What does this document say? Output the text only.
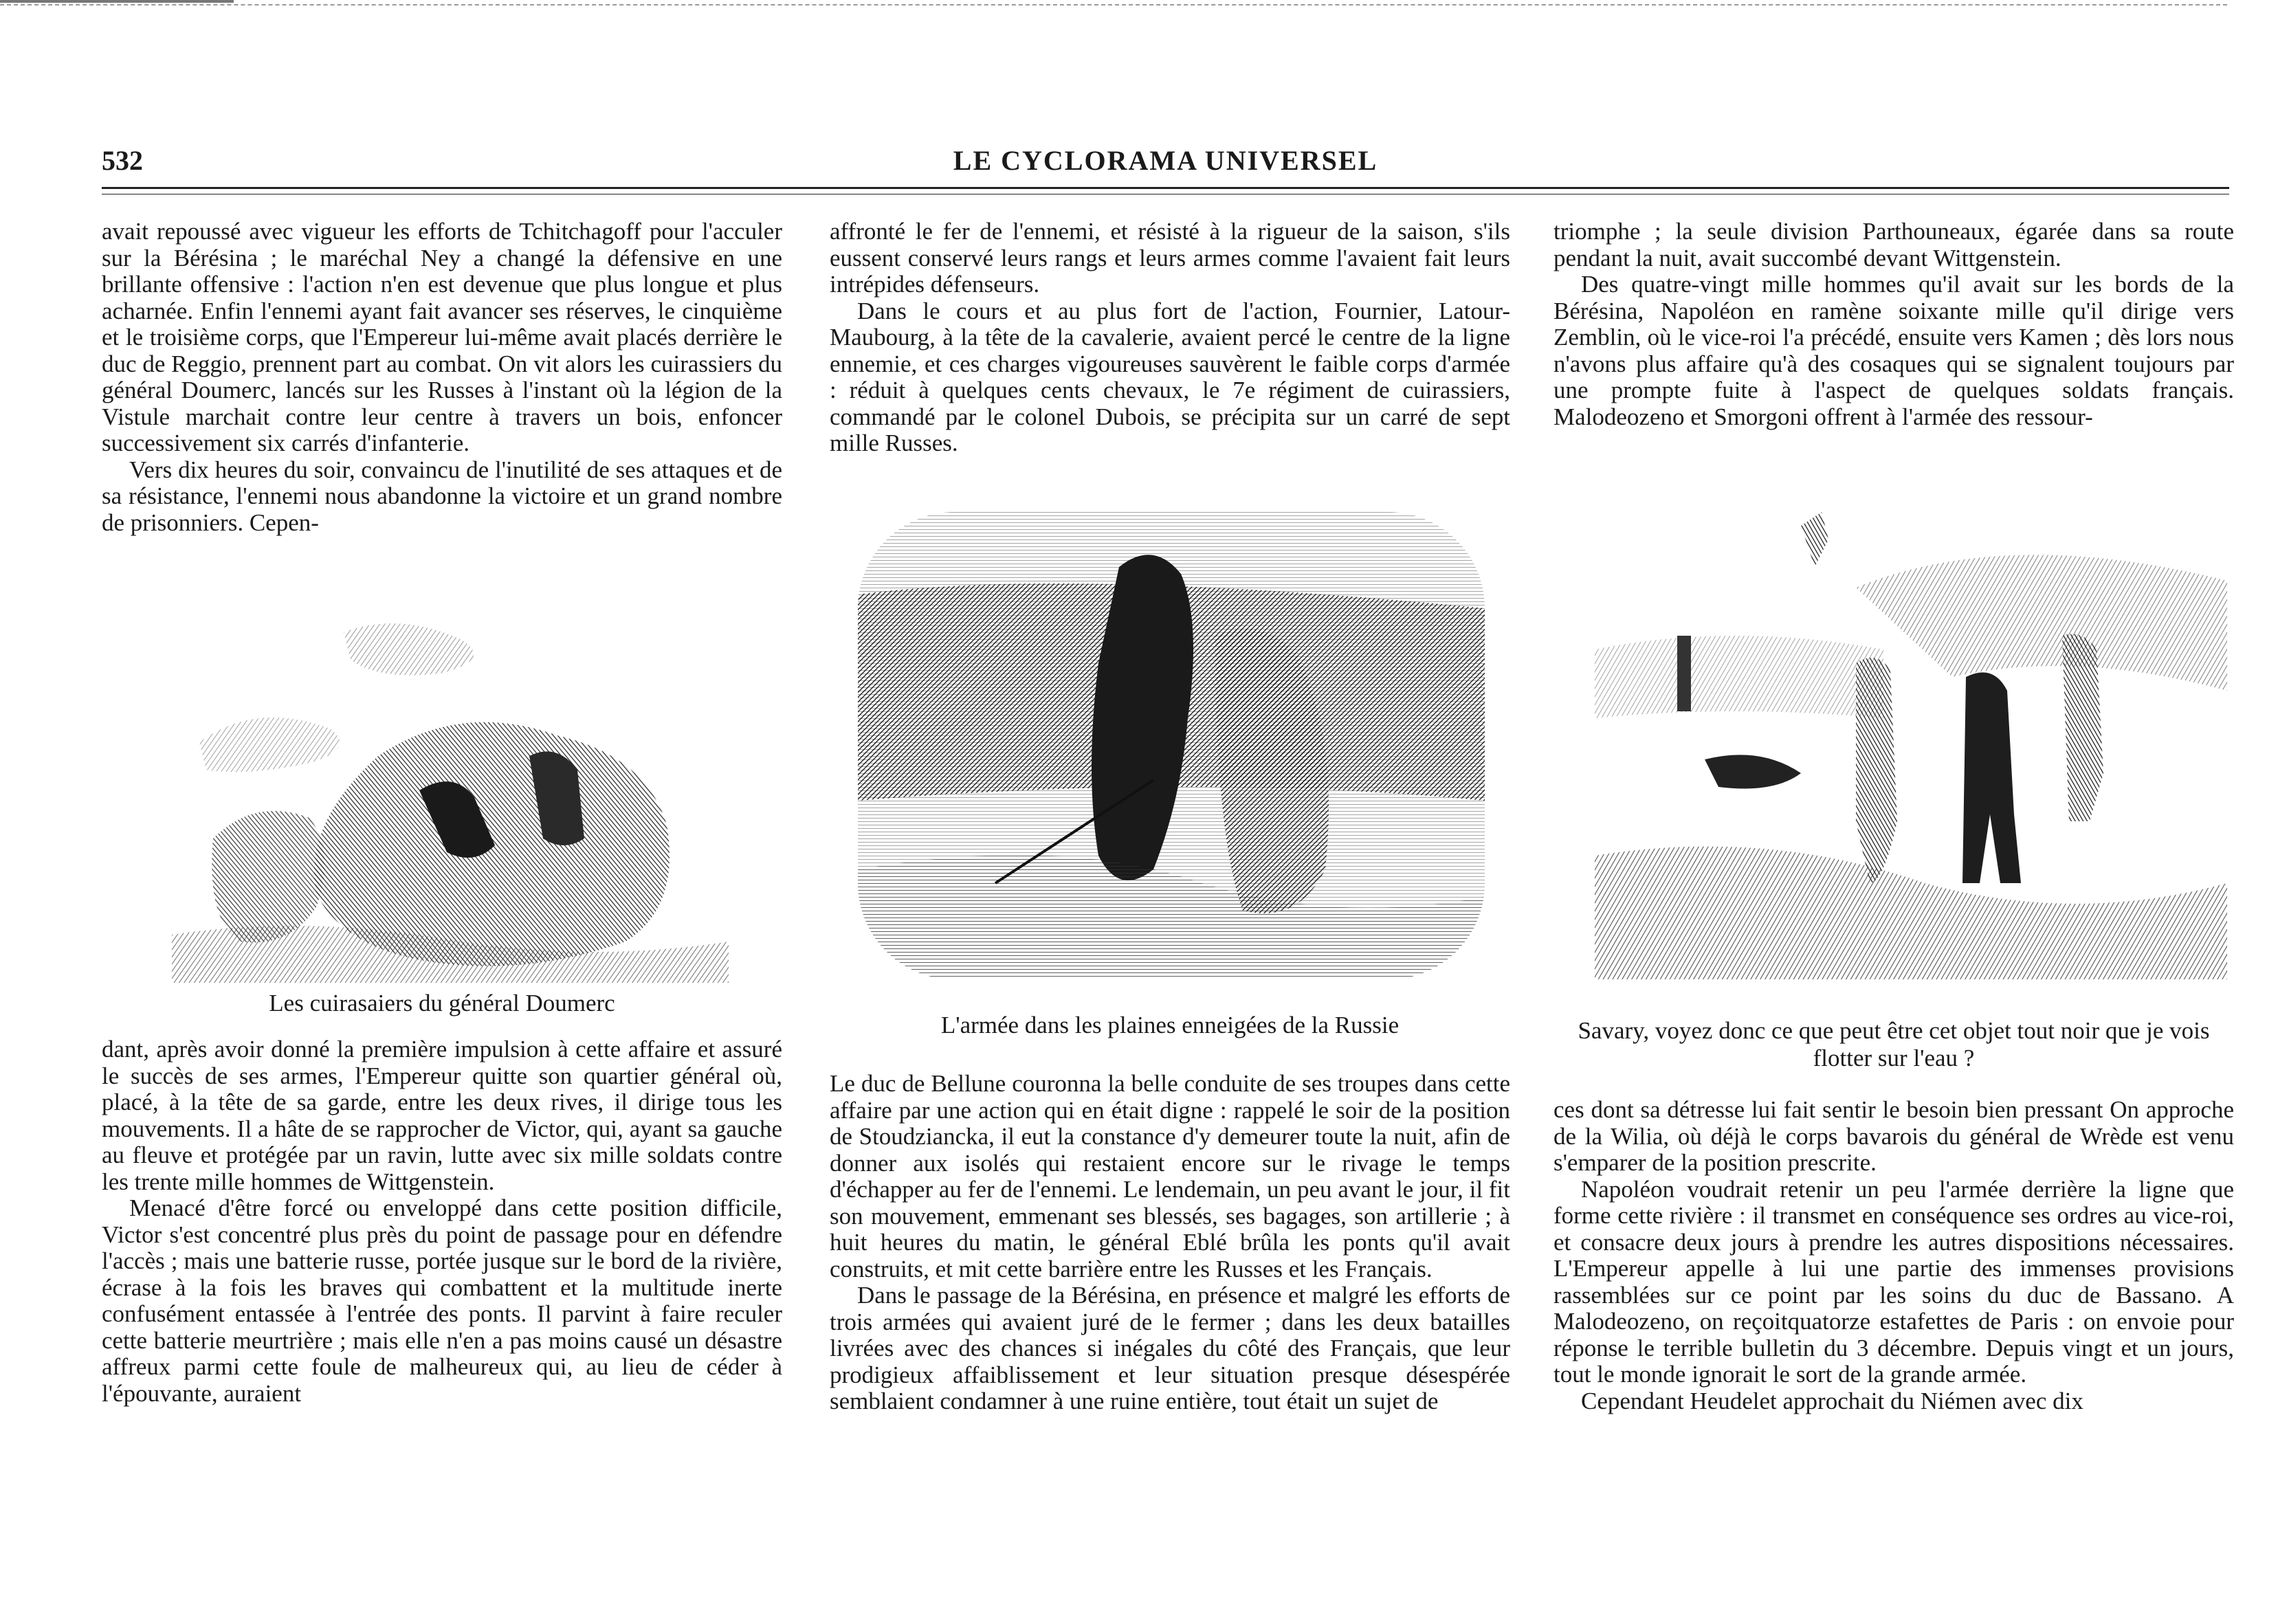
532	LE CYCLORAMA UNIVERSEL

avait repoussé avec vigueur les efforts de Tchitchagoff pour l'acculer sur la Bérésina ; le maréchal Ney a changé la défensive en une brillante offensive : l'action n'en est devenue que plus longue et plus acharnée. Enfin l'ennemi ayant fait avancer ses réserves, le cinquième et le troisième corps, que l'Empereur lui-même avait placés derrière le duc de Reggio, prennent part au combat. On vit alors les cuirassiers du général Doumerc, lancés sur les Russes à l'instant où la légion de la Vistule marchait contre leur centre à travers un bois, enfoncer successivement six carrés d'infanterie.

Vers dix heures du soir, convaincu de l'inutilité de ses attaques et de sa résistance, l'ennemi nous abandonne la victoire et un grand nombre de prisonniers. Cepen-

Les cuirasaiers du général Doumerc

dant, après avoir donné la première impulsion à cette affaire et assuré le succès de ses armes, l'Empereur quitte son quartier général où, placé, à la tête de sa garde, entre les deux rives, il dirige tous les mouvements. Il a hâte de se rapprocher de Victor, qui, ayant sa gauche au fleuve et protégée par un ravin, lutte avec six mille soldats contre les trente mille hommes de Wittgenstein.

Menacé d'être forcé ou enveloppé dans cette position difficile, Victor s'est concentré plus près du point de passage pour en défendre l'accès ; mais une batterie russe, portée jusque sur le bord de la rivière, écrase à la fois les braves qui combattent et la multitude inerte confusément entassée à l'entrée des ponts. Il parvint à faire reculer cette batterie meurtrière ; mais elle n'en a pas moins causé un désastre affreux parmi cette foule de malheureux qui, au lieu de céder à l'épouvante, auraient

affronté le fer de l'ennemi, et résisté à la rigueur de la saison, s'ils eussent conservé leurs rangs et leurs armes comme l'avaient fait leurs intrépides défenseurs.

Dans le cours et au plus fort de l'action, Fournier, Latour-Maubourg, à la tête de la cavalerie, avaient percé le centre de la ligne ennemie, et ces charges vigoureuses sauvèrent le faible corps d'armée : réduit à quelques cents chevaux, le 7e régiment de cuirassiers, commandé par le colonel Dubois, se précipita sur un carré de sept mille Russes.

L'armée dans les plaines enneigées de la Russie

Le duc de Bellune couronna la belle conduite de ses troupes dans cette affaire par une action qui en était digne : rappelé le soir de la position de Stoudziancka, il eut la constance d'y demeurer toute la nuit, afin de donner aux isolés qui restaient encore sur le rivage le temps d'échapper au fer de l'ennemi. Le lendemain, un peu avant le jour, il fit son mouvement, emmenant ses blessés, ses bagages, son artillerie ; à huit heures du matin, le général Eblé brûla les ponts qu'il avait construits, et mit cette barrière entre les Russes et les Français.

Dans le passage de la Bérésina, en présence et malgré les efforts de trois armées qui avaient juré de le fermer ; dans les deux batailles livrées avec des chances si inégales du côté des Français, que leur prodigieux affaiblissement et leur situation presque désespérée semblaient condamner à une ruine entière, tout était un sujet de

triomphe ; la seule division Parthouneaux, égarée dans sa route pendant la nuit, avait succombé devant Wittgenstein.

Des quatre-vingt mille hommes qu'il avait sur les bords de la Bérésina, Napoléon en ramène soixante mille qu'il dirige vers Zemblin, où le vice-roi l'a précédé, ensuite vers Kamen ; dès lors nous n'avons plus affaire qu'à des cosaques qui se signalent toujours par une prompte fuite à l'aspect de quelques soldats français. Malodeozeno et Smorgoni offrent à l'armée des ressour-

Savary, voyez donc ce que peut être cet objet tout noir que je vois flotter sur l'eau ?

ces dont sa détresse lui fait sentir le besoin bien pressant On approche de la Wilia, où déjà le corps bavarois du général de Wrède est venu s'emparer de la position prescrite.

Napoléon voudrait retenir un peu l'armée derrière la ligne que forme cette rivière : il transmet en conséquence ses ordres au vice-roi, et consacre deux jours à prendre les autres dispositions nécessaires. L'Empereur appelle à lui une partie des immenses provisions rassemblées sur ce point par les soins du duc de Bassano. A Malodeozeno, on reçoitquatorze estafettes de Paris : on envoie pour réponse le terrible bulletin du 3 décembre. Depuis vingt et un jours, tout le monde ignorait le sort de la grande armée.

Cependant Heudelet approchait du Niémen avec dix
